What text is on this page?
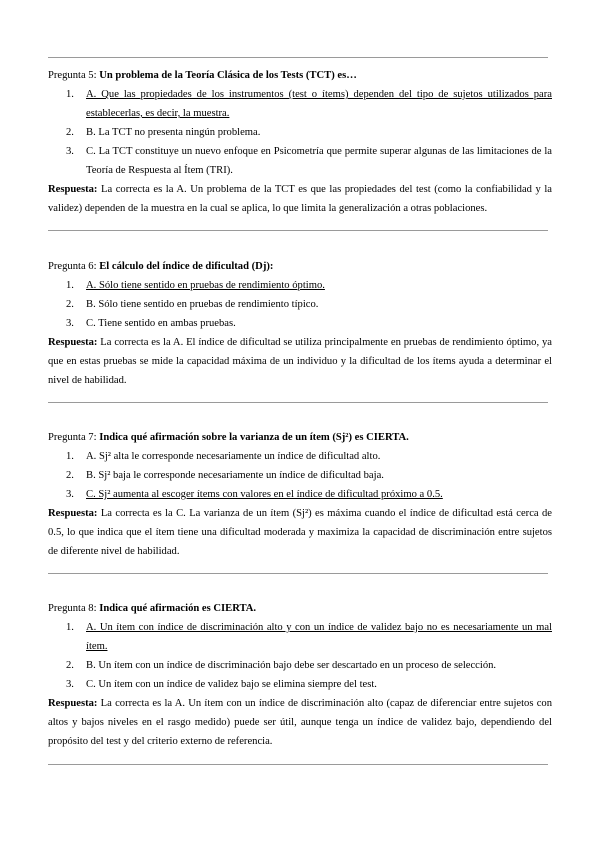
Pregunta 5: Un problema de la Teoría Clásica de los Tests (TCT) es…
1. A. Que las propiedades de los instrumentos (test o ítems) dependen del tipo de sujetos utilizados para establecerlas, es decir, la muestra.
2. B. La TCT no presenta ningún problema.
3. C. La TCT constituye un nuevo enfoque en Psicometría que permite superar algunas de las limitaciones de la Teoría de Respuesta al Ítem (TRI).
Respuesta: La correcta es la A. Un problema de la TCT es que las propiedades del test (como la confiabilidad y la validez) dependen de la muestra en la cual se aplica, lo que limita la generalización a otras poblaciones.
Pregunta 6: El cálculo del índice de dificultad (Dj):
1. A. Sólo tiene sentido en pruebas de rendimiento óptimo.
2. B. Sólo tiene sentido en pruebas de rendimiento típico.
3. C. Tiene sentido en ambas pruebas.
Respuesta: La correcta es la A. El índice de dificultad se utiliza principalmente en pruebas de rendimiento óptimo, ya que en estas pruebas se mide la capacidad máxima de un individuo y la dificultad de los ítems ayuda a determinar el nivel de habilidad.
Pregunta 7: Indica qué afirmación sobre la varianza de un ítem (Sj²) es CIERTA.
1. A. Sj² alta le corresponde necesariamente un índice de dificultad alto.
2. B. Sj² baja le corresponde necesariamente un índice de dificultad baja.
3. C. Sj² aumenta al escoger ítems con valores en el índice de dificultad próximo a 0.5.
Respuesta: La correcta es la C. La varianza de un ítem (Sj²) es máxima cuando el índice de dificultad está cerca de 0.5, lo que indica que el ítem tiene una dificultad moderada y maximiza la capacidad de discriminación entre sujetos de diferente nivel de habilidad.
Pregunta 8: Indica qué afirmación es CIERTA.
1. A. Un ítem con índice de discriminación alto y con un índice de validez bajo no es necesariamente un mal ítem.
2. B. Un ítem con un índice de discriminación bajo debe ser descartado en un proceso de selección.
3. C. Un ítem con un índice de validez bajo se elimina siempre del test.
Respuesta: La correcta es la A. Un ítem con un índice de discriminación alto (capaz de diferenciar entre sujetos con altos y bajos niveles en el rasgo medido) puede ser útil, aunque tenga un índice de validez bajo, dependiendo del propósito del test y del criterio externo de referencia.
